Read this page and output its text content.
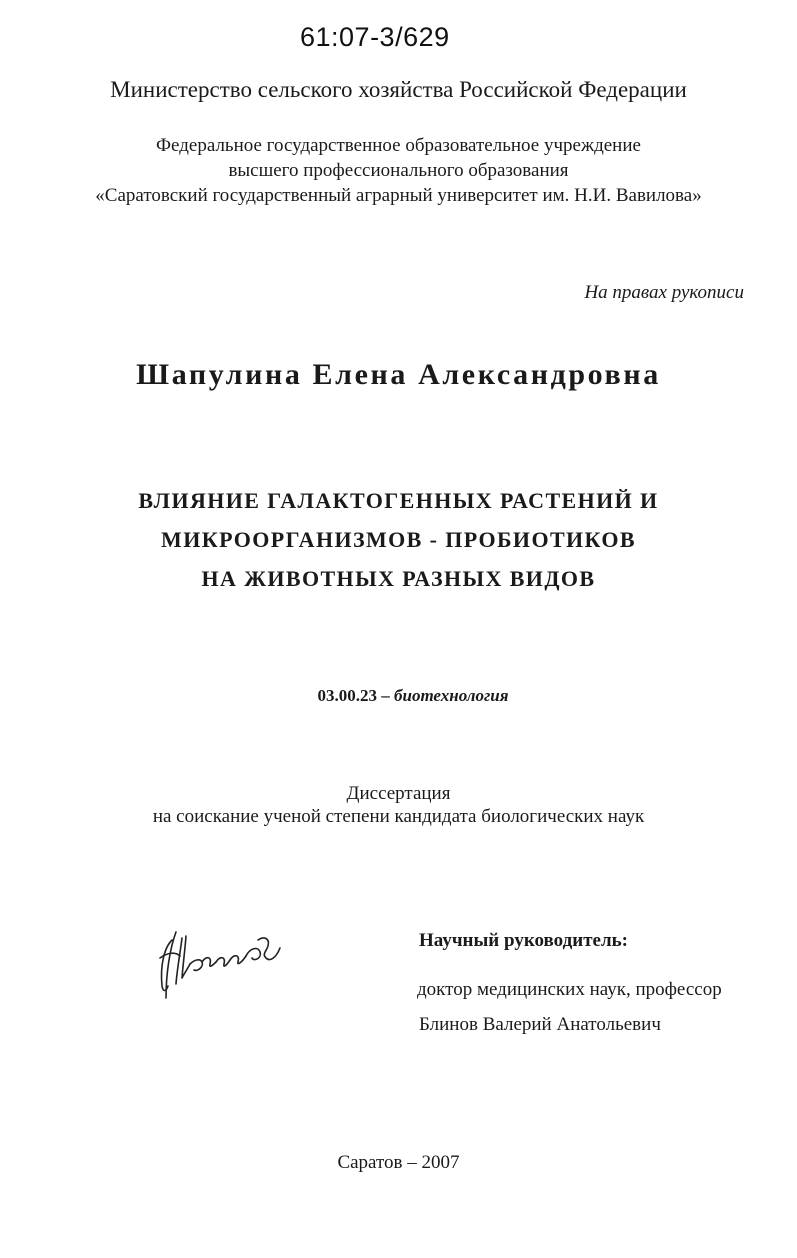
61:07-3/629
Министерство сельского хозяйства Российской Федерации
Федеральное государственное образовательное учреждение
высшего профессионального образования
«Саратовский государственный аграрный университет им. Н.И. Вавилова»
На правах рукописи
Шапулина Елена Александровна
ВЛИЯНИЕ ГАЛАКТОГЕННЫХ РАСТЕНИЙ И
МИКРООРГАНИЗМОВ - ПРОБИОТИКОВ
НА ЖИВОТНЫХ РАЗНЫХ ВИДОВ
03.00.23 – биотехнология
Диссертация
на соискание ученой степени кандидата биологических наук
Научный руководитель:
доктор медицинских наук, профессор
Блинов Валерий Анатольевич
Саратов – 2007
